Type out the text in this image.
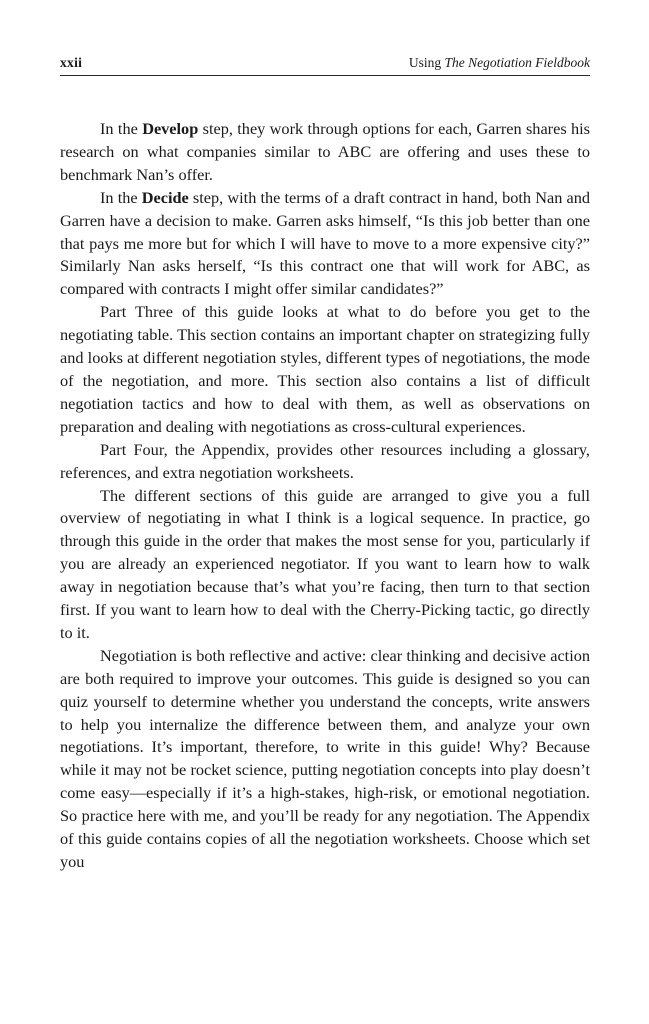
xxii	Using The Negotiation Fieldbook

In the Develop step, they work through options for each, Garren shares his research on what companies similar to ABC are offering and uses these to benchmark Nan’s offer.

In the Decide step, with the terms of a draft contract in hand, both Nan and Garren have a decision to make. Garren asks himself, “Is this job better than one that pays me more but for which I will have to move to a more expensive city?” Similarly Nan asks herself, “Is this contract one that will work for ABC, as compared with contracts I might offer similar candidates?”

Part Three of this guide looks at what to do before you get to the negotiating table. This section contains an important chapter on strategizing fully and looks at different negotiation styles, different types of negotiations, the mode of the negotiation, and more. This section also contains a list of difficult negotiation tactics and how to deal with them, as well as observations on preparation and dealing with negotiations as cross-cultural experiences.

Part Four, the Appendix, provides other resources including a glossary, references, and extra negotiation worksheets.

The different sections of this guide are arranged to give you a full overview of negotiating in what I think is a logical sequence. In practice, go through this guide in the order that makes the most sense for you, particularly if you are already an experienced negotiator. If you want to learn how to walk away in negotiation because that’s what you’re facing, then turn to that section first. If you want to learn how to deal with the Cherry-Picking tactic, go directly to it.

Negotiation is both reflective and active: clear thinking and decisive action are both required to improve your outcomes. This guide is designed so you can quiz yourself to determine whether you understand the concepts, write answers to help you internalize the difference between them, and analyze your own negotiations. It’s important, therefore, to write in this guide! Why? Because while it may not be rocket science, putting negotiation concepts into play doesn’t come easy—especially if it’s a high-stakes, high-risk, or emotional negotiation. So practice here with me, and you’ll be ready for any negotiation. The Appendix of this guide contains copies of all the negotiation worksheets. Choose which set you
